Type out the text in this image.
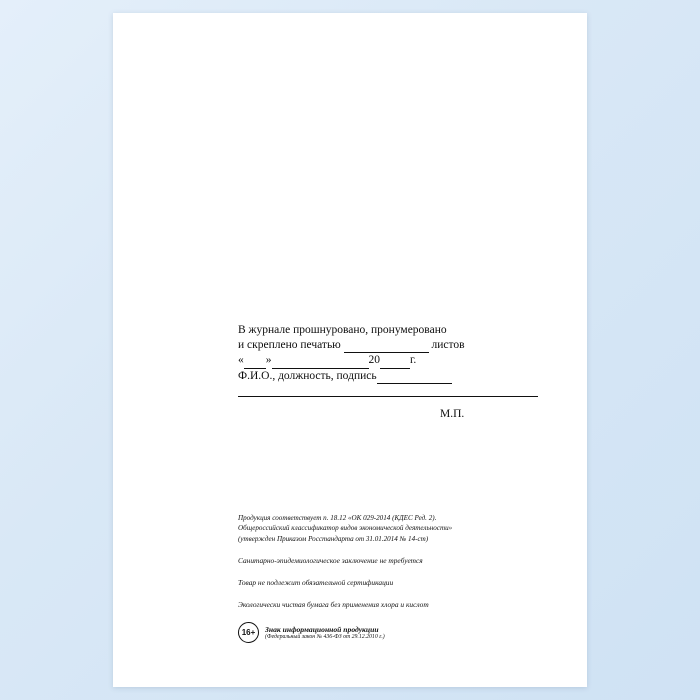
В журнале прошнуровано, пронумеровано
и скреплено печатью	листов
« »	20	г.
Ф.И.О., должность, подпись
М.П.
Продукция соответствует п. 18.12 «ОК 029-2014 (КДЕС Ред. 2).
Общероссийский классификатор видов экономической деятельности»
(утвержден Приказом Росстандарта от 31.01.2014 № 14-ст)
Санитарно-эпидемиологическое заключение не требуется
Товар не подлежит обязательной сертификации
Экологически чистая бумага без применения хлора и кислот
16+	Знак информационной продукции
(Федеральный закон № 436-ФЗ от 29.12.2010 г.)
